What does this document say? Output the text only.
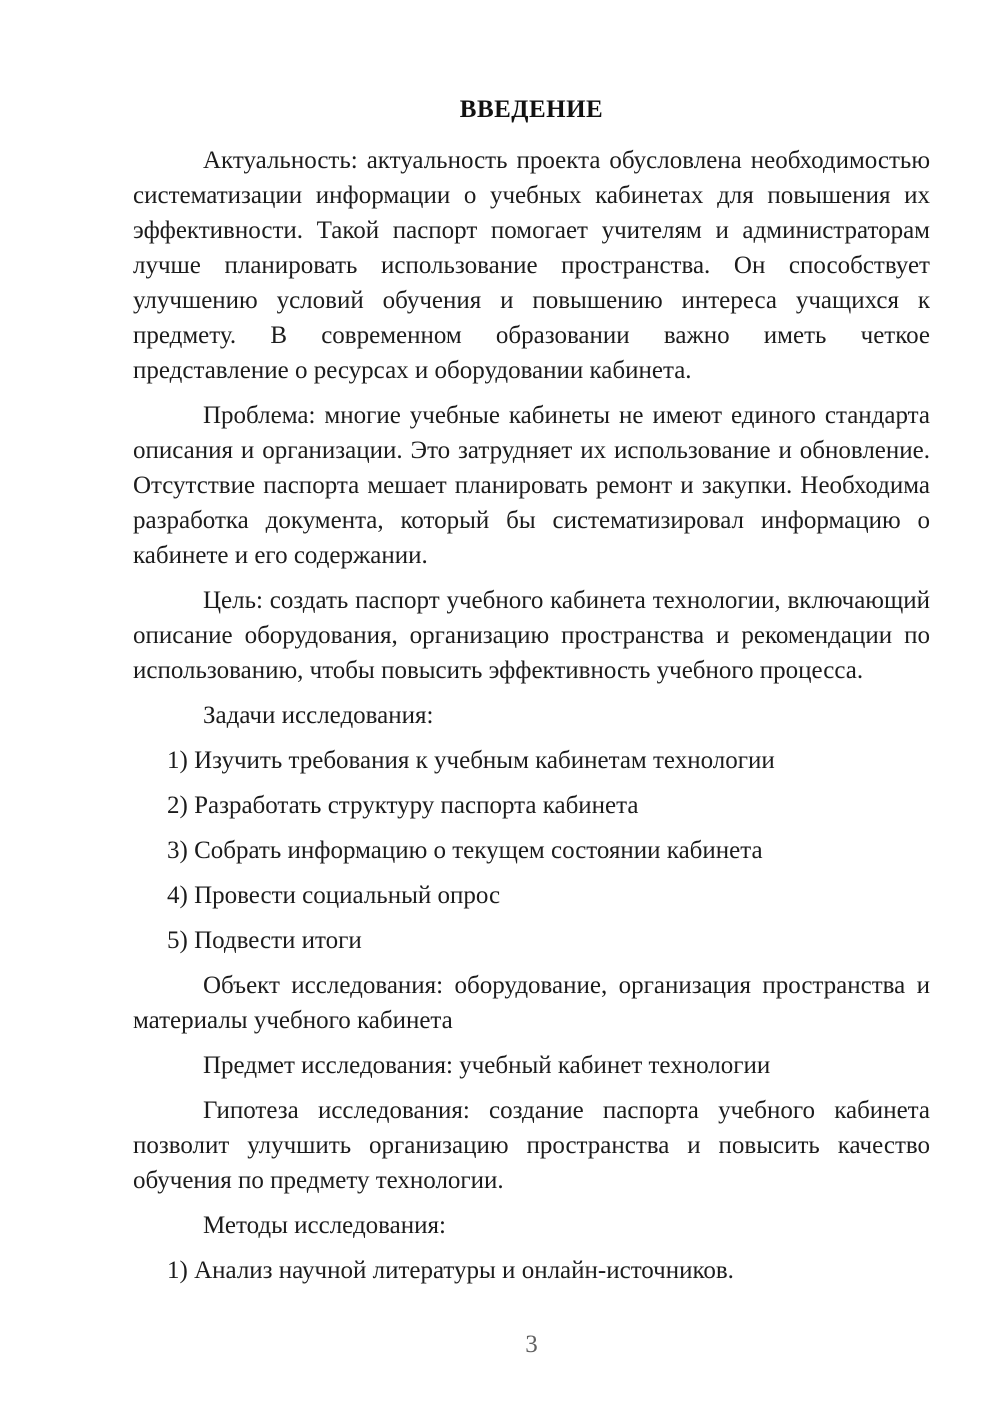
ВВЕДЕНИЕ
Актуальность: актуальность проекта обусловлена необходимостью
систематизации информации о учебных кабинетах для повышения их
эффективности. Такой паспорт помогает учителям и администраторам
лучше планировать использование пространства. Он способствует
улучшению условий обучения и повышению интереса учащихся к
предмету. В современном образовании важно иметь четкое
представление о ресурсах и оборудовании кабинета.
Проблема: многие учебные кабинеты не имеют единого стандарта
описания и организации. Это затрудняет их использование и обновление.
Отсутствие паспорта мешает планировать ремонт и закупки. Необходима
разработка документа, который бы систематизировал информацию о
кабинете и его содержании.
Цель: создать паспорт учебного кабинета технологии, включающий
описание оборудования, организацию пространства и рекомендации по
использованию, чтобы повысить эффективность учебного процесса.
Задачи исследования:
1) Изучить требования к учебным кабинетам технологии
2) Разработать структуру паспорта кабинета
3) Собрать информацию о текущем состоянии кабинета
4) Провести социальный опрос
5) Подвести итоги
Объект исследования: оборудование, организация пространства и
материалы учебного кабинета
Предмет исследования: учебный кабинет технологии
Гипотеза исследования: создание паспорта учебного кабинета
позволит улучшить организацию пространства и повысить качество
обучения по предмету технологии.
Методы исследования:
1) Анализ научной литературы и онлайн-источников.
3
